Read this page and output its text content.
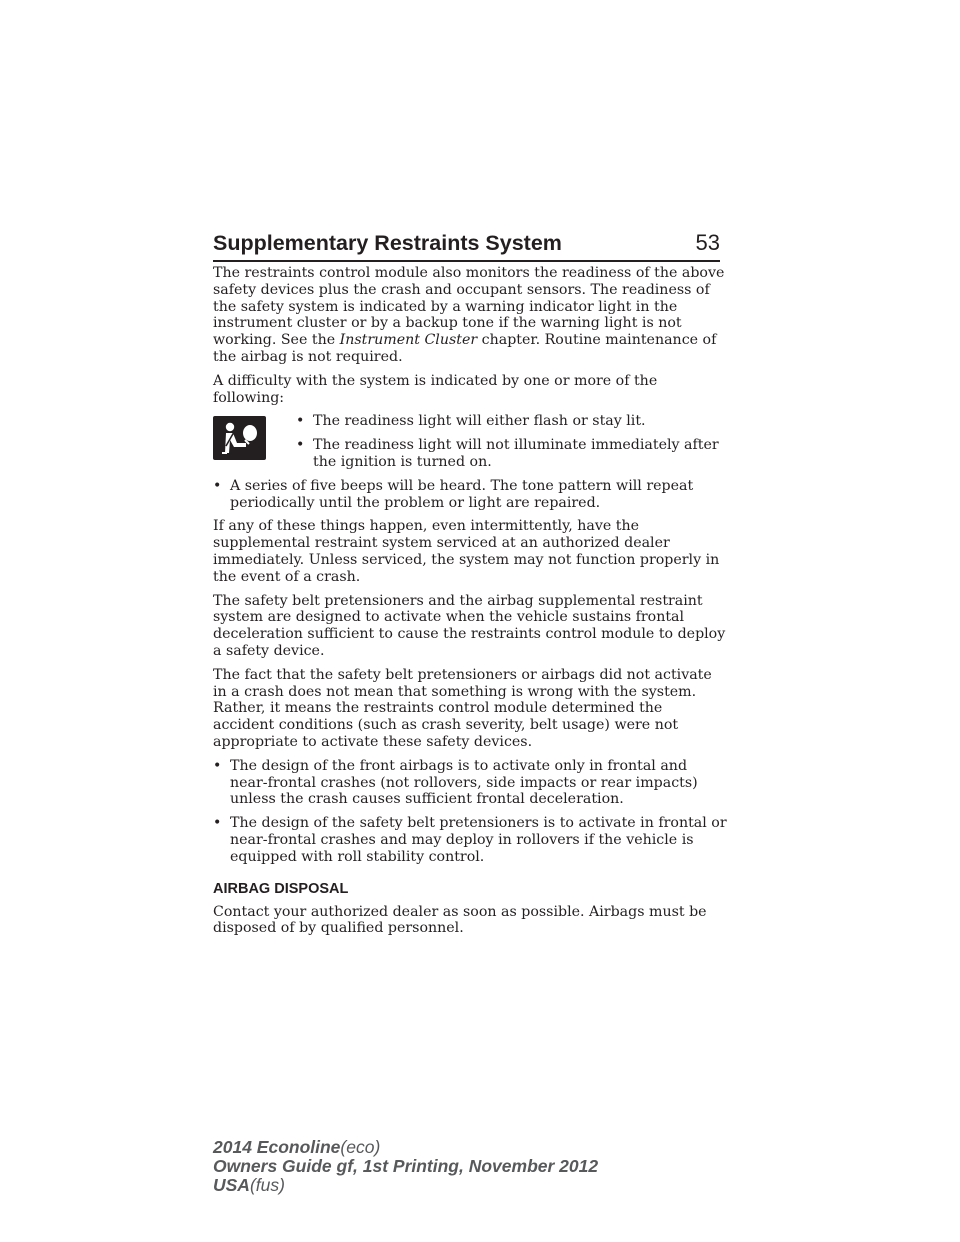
Supplementary Restraints System	53

The restraints control module also monitors the readiness of the above safety devices plus the crash and occupant sensors. The readiness of the safety system is indicated by a warning indicator light in the instrument cluster or by a backup tone if the warning light is not working. See the Instrument Cluster chapter. Routine maintenance of the airbag is not required.

A difficulty with the system is indicated by one or more of the following:

• The readiness light will either flash or stay lit.
• The readiness light will not illuminate immediately after the ignition is turned on.
• A series of five beeps will be heard. The tone pattern will repeat periodically until the problem or light are repaired.

If any of these things happen, even intermittently, have the supplemental restraint system serviced at an authorized dealer immediately. Unless serviced, the system may not function properly in the event of a crash.

The safety belt pretensioners and the airbag supplemental restraint system are designed to activate when the vehicle sustains frontal deceleration sufficient to cause the restraints control module to deploy a safety device.

The fact that the safety belt pretensioners or airbags did not activate in a crash does not mean that something is wrong with the system. Rather, it means the restraints control module determined the accident conditions (such as crash severity, belt usage) were not appropriate to activate these safety devices.

• The design of the front airbags is to activate only in frontal and near-frontal crashes (not rollovers, side impacts or rear impacts) unless the crash causes sufficient frontal deceleration.
• The design of the safety belt pretensioners is to activate in frontal or near-frontal crashes and may deploy in rollovers if the vehicle is equipped with roll stability control.
AIRBAG DISPOSAL

Contact your authorized dealer as soon as possible. Airbags must be disposed of by qualified personnel.

2014 Econoline(eco)
Owners Guide gf, 1st Printing, November 2012
USA(fus)
